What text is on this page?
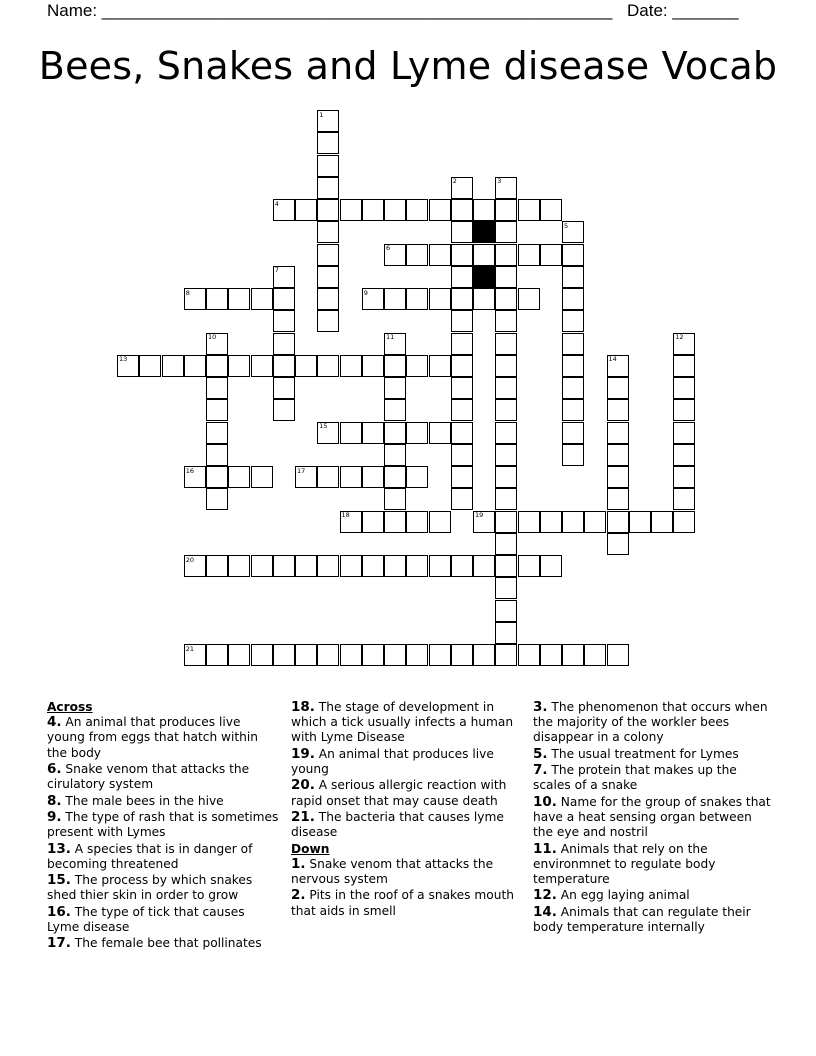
Name: ______________________________________________________ Date: _______
Bees, Snakes and Lyme disease Vocab
1
2	3
4
5
6
7
8	9
10	11	12
13	14
15
16	17
18	19
20
21
Across
4. An animal that produces live young from eggs that hatch within the body
6. Snake venom that attacks the cirulatory system
8. The male bees in the hive
9. The type of rash that is sometimes present with Lymes
13. A species that is in danger of becoming threatened
15. The process by which snakes shed thier skin in order to grow
16. The type of tick that causes Lyme disease
17. The female bee that pollinates
18. The stage of development in which a tick usually infects a human with Lyme Disease
19. An animal that produces live young
20. A serious allergic reaction with rapid onset that may cause death
21. The bacteria that causes lyme disease
Down
1. Snake venom that attacks the nervous system
2. Pits in the roof of a snakes mouth that aids in smell
3. The phenomenon that occurs when the majority of the workler bees disappear in a colony
5. The usual treatment for Lymes
7. The protein that makes up the scales of a snake
10. Name for the group of snakes that have a heat sensing organ between the eye and nostril
11. Animals that rely on the environmnet to regulate body temperature
12. An egg laying animal
14. Animals that can regulate their body temperature internally
